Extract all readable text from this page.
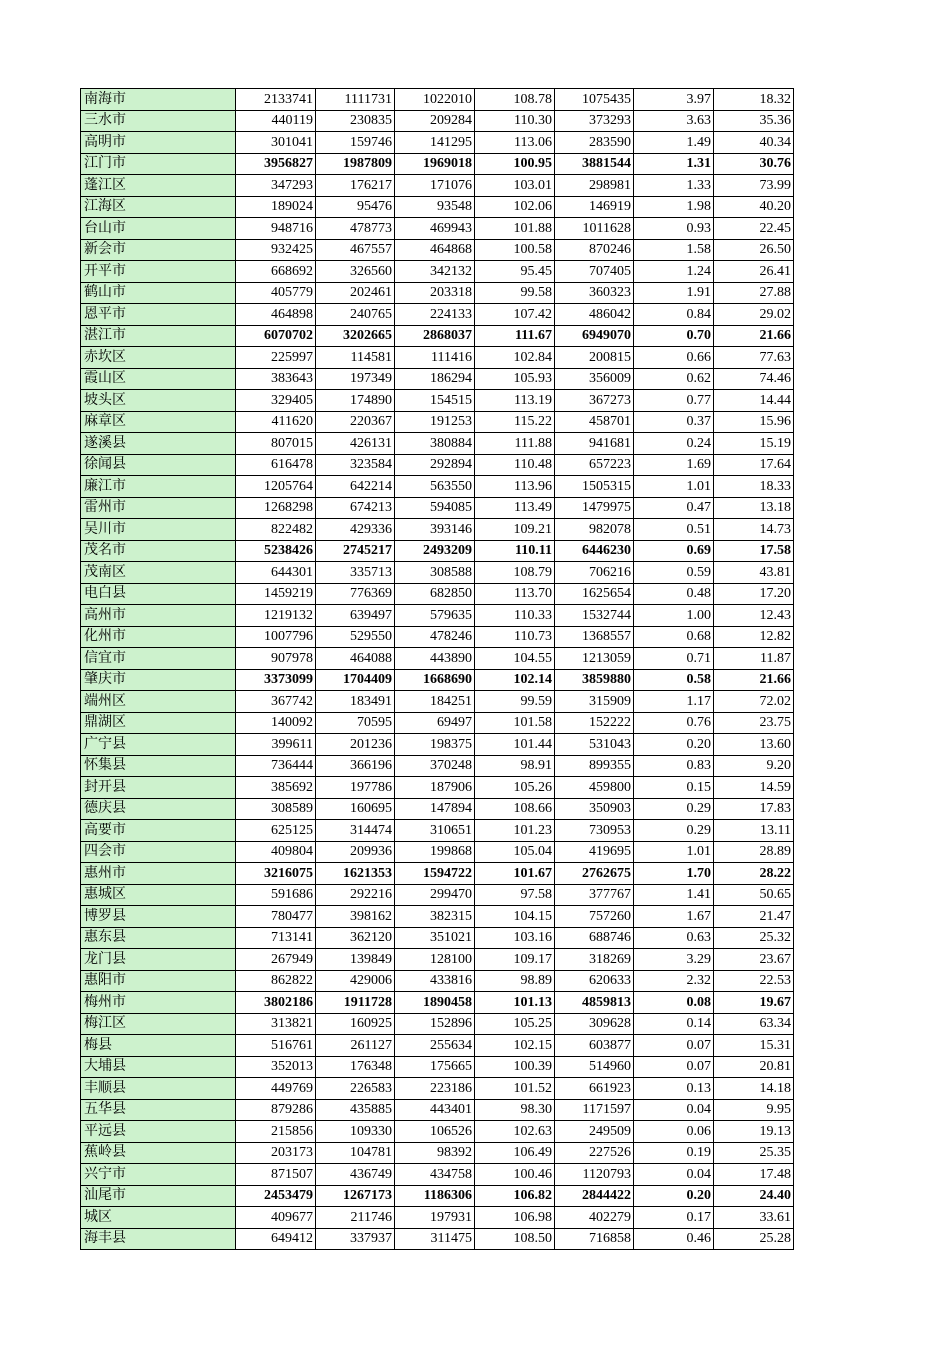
南海市	2133741	1111731	1022010	108.78	1075435	3.97	18.32
三水市	440119	230835	209284	110.30	373293	3.63	35.36
高明市	301041	159746	141295	113.06	283590	1.49	40.34
江门市	3956827	1987809	1969018	100.95	3881544	1.31	30.76
蓬江区	347293	176217	171076	103.01	298981	1.33	73.99
江海区	189024	95476	93548	102.06	146919	1.98	40.20
台山市	948716	478773	469943	101.88	1011628	0.93	22.45
新会市	932425	467557	464868	100.58	870246	1.58	26.50
开平市	668692	326560	342132	95.45	707405	1.24	26.41
鹤山市	405779	202461	203318	99.58	360323	1.91	27.88
恩平市	464898	240765	224133	107.42	486042	0.84	29.02
湛江市	6070702	3202665	2868037	111.67	6949070	0.70	21.66
赤坎区	225997	114581	111416	102.84	200815	0.66	77.63
霞山区	383643	197349	186294	105.93	356009	0.62	74.46
坡头区	329405	174890	154515	113.19	367273	0.77	14.44
麻章区	411620	220367	191253	115.22	458701	0.37	15.96
遂溪县	807015	426131	380884	111.88	941681	0.24	15.19
徐闻县	616478	323584	292894	110.48	657223	1.69	17.64
廉江市	1205764	642214	563550	113.96	1505315	1.01	18.33
雷州市	1268298	674213	594085	113.49	1479975	0.47	13.18
吴川市	822482	429336	393146	109.21	982078	0.51	14.73
茂名市	5238426	2745217	2493209	110.11	6446230	0.69	17.58
茂南区	644301	335713	308588	108.79	706216	0.59	43.81
电白县	1459219	776369	682850	113.70	1625654	0.48	17.20
高州市	1219132	639497	579635	110.33	1532744	1.00	12.43
化州市	1007796	529550	478246	110.73	1368557	0.68	12.82
信宜市	907978	464088	443890	104.55	1213059	0.71	11.87
肇庆市	3373099	1704409	1668690	102.14	3859880	0.58	21.66
端州区	367742	183491	184251	99.59	315909	1.17	72.02
鼎湖区	140092	70595	69497	101.58	152222	0.76	23.75
广宁县	399611	201236	198375	101.44	531043	0.20	13.60
怀集县	736444	366196	370248	98.91	899355	0.83	9.20
封开县	385692	197786	187906	105.26	459800	0.15	14.59
德庆县	308589	160695	147894	108.66	350903	0.29	17.83
高要市	625125	314474	310651	101.23	730953	0.29	13.11
四会市	409804	209936	199868	105.04	419695	1.01	28.89
惠州市	3216075	1621353	1594722	101.67	2762675	1.70	28.22
惠城区	591686	292216	299470	97.58	377767	1.41	50.65
博罗县	780477	398162	382315	104.15	757260	1.67	21.47
惠东县	713141	362120	351021	103.16	688746	0.63	25.32
龙门县	267949	139849	128100	109.17	318269	3.29	23.67
惠阳市	862822	429006	433816	98.89	620633	2.32	22.53
梅州市	3802186	1911728	1890458	101.13	4859813	0.08	19.67
梅江区	313821	160925	152896	105.25	309628	0.14	63.34
梅县	516761	261127	255634	102.15	603877	0.07	15.31
大埔县	352013	176348	175665	100.39	514960	0.07	20.81
丰顺县	449769	226583	223186	101.52	661923	0.13	14.18
五华县	879286	435885	443401	98.30	1171597	0.04	9.95
平远县	215856	109330	106526	102.63	249509	0.06	19.13
蕉岭县	203173	104781	98392	106.49	227526	0.19	25.35
兴宁市	871507	436749	434758	100.46	1120793	0.04	17.48
汕尾市	2453479	1267173	1186306	106.82	2844422	0.20	24.40
城区	409677	211746	197931	106.98	402279	0.17	33.61
海丰县	649412	337937	311475	108.50	716858	0.46	25.28
